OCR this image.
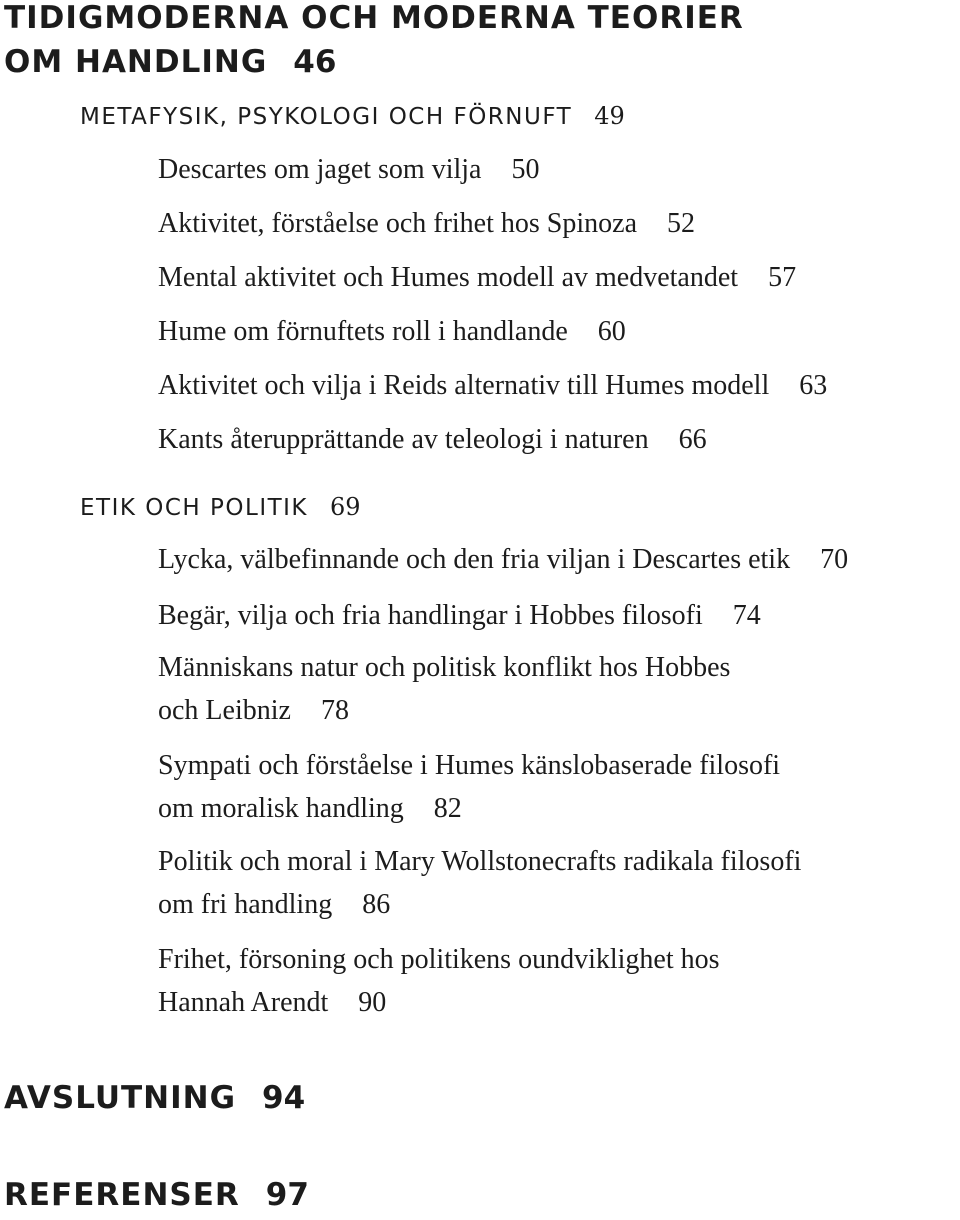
TIDIGMODERNA OCH MODERNA TEORIER
OM HANDLING 46
METAFYSIK, PSYKOLOGI OCH FÖRNUFT 49
Descartes om jaget som vilja 50
Aktivitet, förståelse och frihet hos Spinoza 52
Mental aktivitet och Humes modell av medvetandet 57
Hume om förnuftets roll i handlande 60
Aktivitet och vilja i Reids alternativ till Humes modell 63
Kants återupprättande av teleologi i naturen 66
ETIK OCH POLITIK 69
Lycka, välbefinnande och den fria viljan i Descartes etik 70
Begär, vilja och fria handlingar i Hobbes filosofi 74
Människans natur och politisk konflikt hos Hobbes
och Leibniz 78
Sympati och förståelse i Humes känslobaserade filosofi
om moralisk handling 82
Politik och moral i Mary Wollstonecrafts radikala filosofi
om fri handling 86
Frihet, försoning och politikens oundviklighet hos
Hannah Arendt 90
AVSLUTNING 94
REFERENSER 97
